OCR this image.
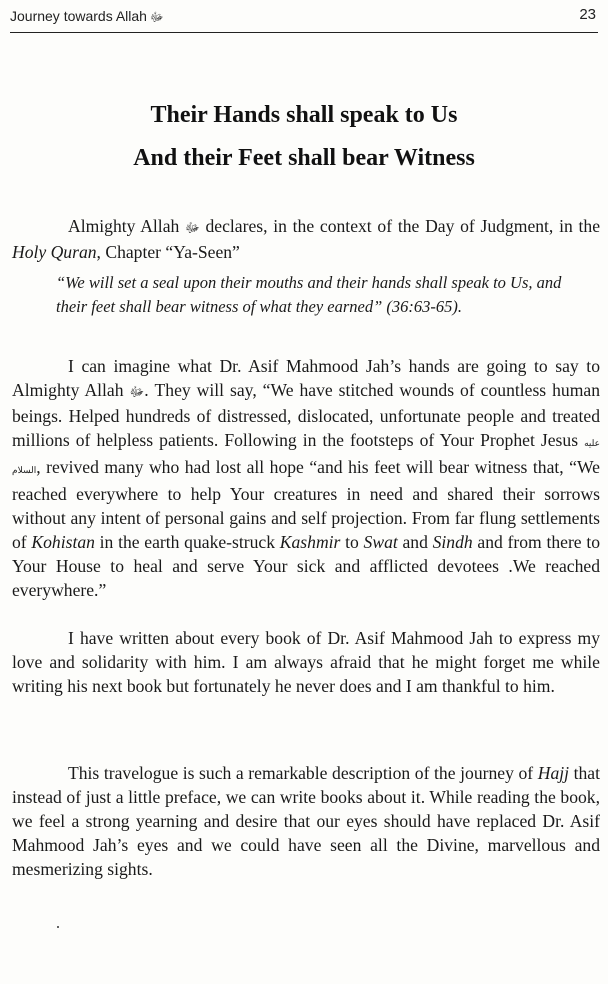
Journey towards Allah ﷻ	23
Their Hands shall speak to Us
And their Feet shall bear Witness

Almighty Allah ﷻ declares, in the context of the Day of Judgment, in the Holy Quran, Chapter “Ya-Seen”

“We will set a seal upon their mouths and their hands shall speak to Us, and their feet shall bear witness of what they earned” (36:63-65).

I can imagine what Dr. Asif Mahmood Jah’s hands are going to say to Almighty Allah ﷻ. They will say, “We have stitched wounds of countless human beings. Helped hundreds of distressed, dislocated, unfortunate people and treated millions of helpless patients. Following in the footsteps of Your Prophet Jesus عليه السلام, revived many who had lost all hope “and his feet will bear witness that, “We reached everywhere to help Your creatures in need and shared their sorrows without any intent of personal gains and self projection. From far flung settlements of Kohistan in the earth quake-struck Kashmir to Swat and Sindh and from there to Your House to heal and serve Your sick and afflicted devotees .We reached everywhere.”

I have written about every book of Dr. Asif Mahmood Jah to express my love and solidarity with him. I am always afraid that he might forget me while writing his next book but fortunately he never does and I am thankful to him.

This travelogue is such a remarkable description of the journey of Hajj that instead of just a little preface, we can write books about it. While reading the book, we feel a strong yearning and desire that our eyes should have replaced Dr. Asif Mahmood Jah’s eyes and we could have seen all the Divine, marvellous and mesmerizing sights.
